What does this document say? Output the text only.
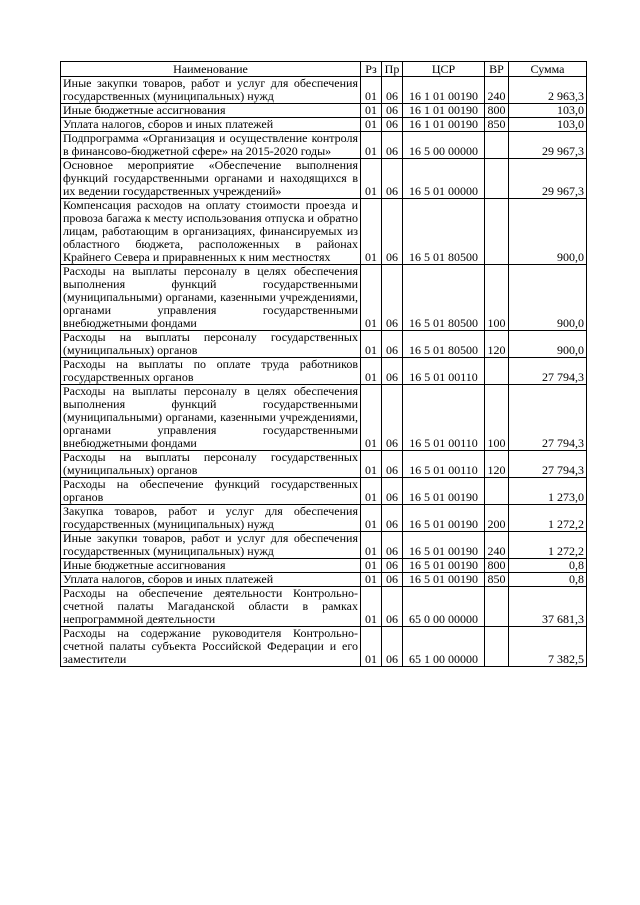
Наименование	Рз	Пр	ЦСР	ВР	Сумма
Иные закупки товаров, работ и услуг для обеспечения государственных (муниципальных) нужд	01	06	16 1 01 00190	240	2 963,3
Иные бюджетные ассигнования	01	06	16 1 01 00190	800	103,0
Уплата налогов, сборов и иных платежей	01	06	16 1 01 00190	850	103,0
Подпрограмма «Организация и осуществление контроля в финансово-бюджетной сфере» на 2015-2020 годы»	01	06	16 5 00 00000		29 967,3
Основное мероприятие «Обеспечение выполнения функций государственными органами и находящихся в их ведении государственных учреждений»	01	06	16 5 01 00000		29 967,3
Компенсация расходов на оплату стоимости проезда и провоза багажа к месту использования отпуска и обратно лицам, работающим в организациях, финансируемых из областного бюджета, расположенных в районах Крайнего Севера и приравненных к ним местностях	01	06	16 5 01 80500		900,0
Расходы на выплаты персоналу в целях обеспечения выполнения функций государственными (муниципальными) органами, казенными учреждениями, органами управления государственными внебюджетными фондами	01	06	16 5 01 80500	100	900,0
Расходы на выплаты персоналу государственных (муниципальных) органов	01	06	16 5 01 80500	120	900,0
Расходы на выплаты по оплате труда работников государственных органов	01	06	16 5 01 00110		27 794,3
Расходы на выплаты персоналу в целях обеспечения выполнения функций государственными (муниципальными) органами, казенными учреждениями, органами управления государственными внебюджетными фондами	01	06	16 5 01 00110	100	27 794,3
Расходы на выплаты персоналу государственных (муниципальных) органов	01	06	16 5 01 00110	120	27 794,3
Расходы на обеспечение функций государственных органов	01	06	16 5 01 00190		1 273,0
Закупка товаров, работ и услуг для обеспечения государственных (муниципальных) нужд	01	06	16 5 01 00190	200	1 272,2
Иные закупки товаров, работ и услуг для обеспечения государственных (муниципальных) нужд	01	06	16 5 01 00190	240	1 272,2
Иные бюджетные ассигнования	01	06	16 5 01 00190	800	0,8
Уплата налогов, сборов и иных платежей	01	06	16 5 01 00190	850	0,8
Расходы на обеспечение деятельности Контрольно-счетной палаты Магаданской области в рамках непрограммной деятельности	01	06	65 0 00 00000		37 681,3
Расходы на содержание руководителя Контрольно-счетной палаты субъекта Российской Федерации и его заместители	01	06	65 1 00 00000		7 382,5
